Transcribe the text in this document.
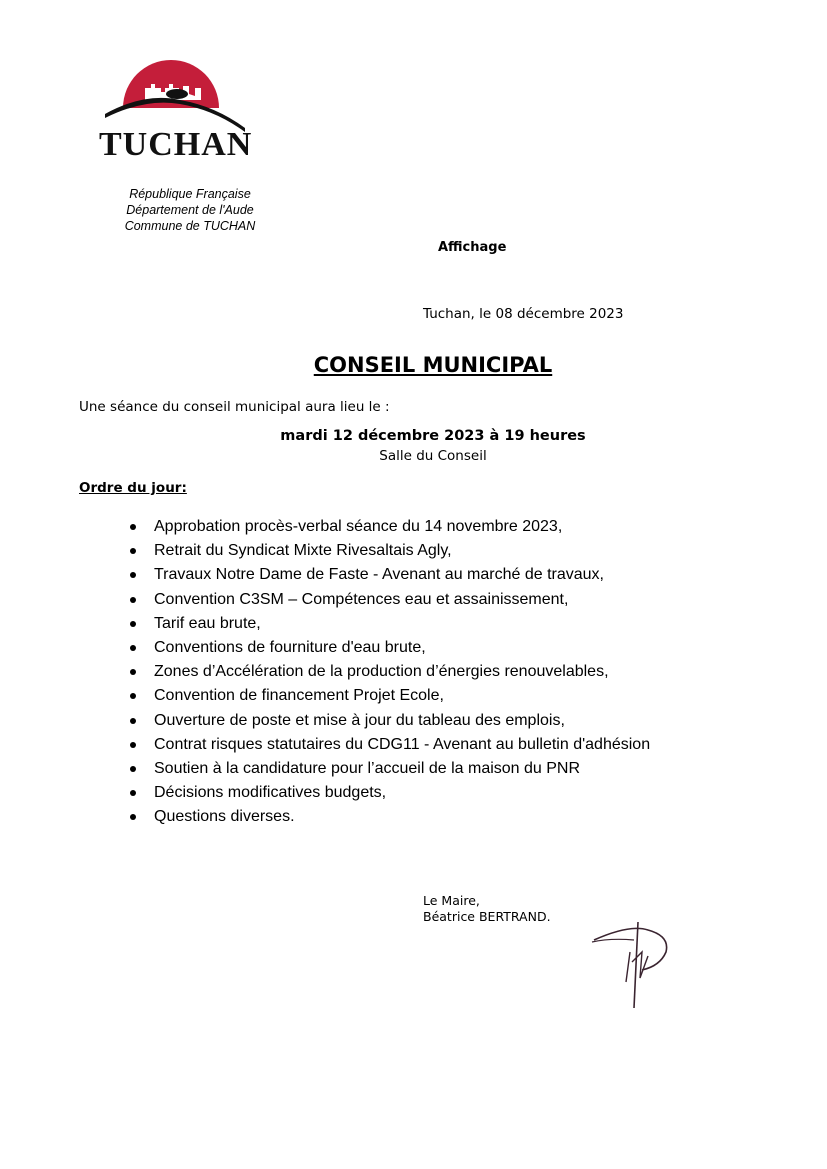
TUCHAN
République Française
Département de l'Aude
Commune de TUCHAN
Affichage
Tuchan, le 08 décembre 2023
CONSEIL MUNICIPAL
Une séance du conseil municipal aura lieu le :
mardi 12 décembre 2023 à 19 heures
Salle du Conseil
Ordre du jour:
Approbation procès-verbal séance du 14 novembre 2023,
Retrait du Syndicat Mixte Rivesaltais Agly,
Travaux Notre Dame de Faste - Avenant au marché de travaux,
Convention C3SM – Compétences eau et assainissement,
Tarif eau brute,
Conventions de fourniture d'eau brute,
Zones d’Accélération de la production d’énergies renouvelables,
Convention de financement Projet Ecole,
Ouverture de poste et mise à jour du tableau des emplois,
Contrat risques statutaires du CDG11 - Avenant au bulletin d'adhésion
Soutien à la candidature pour l’accueil de la maison du PNR
Décisions modificatives budgets,
Questions diverses.
Le Maire,
Béatrice BERTRAND.
